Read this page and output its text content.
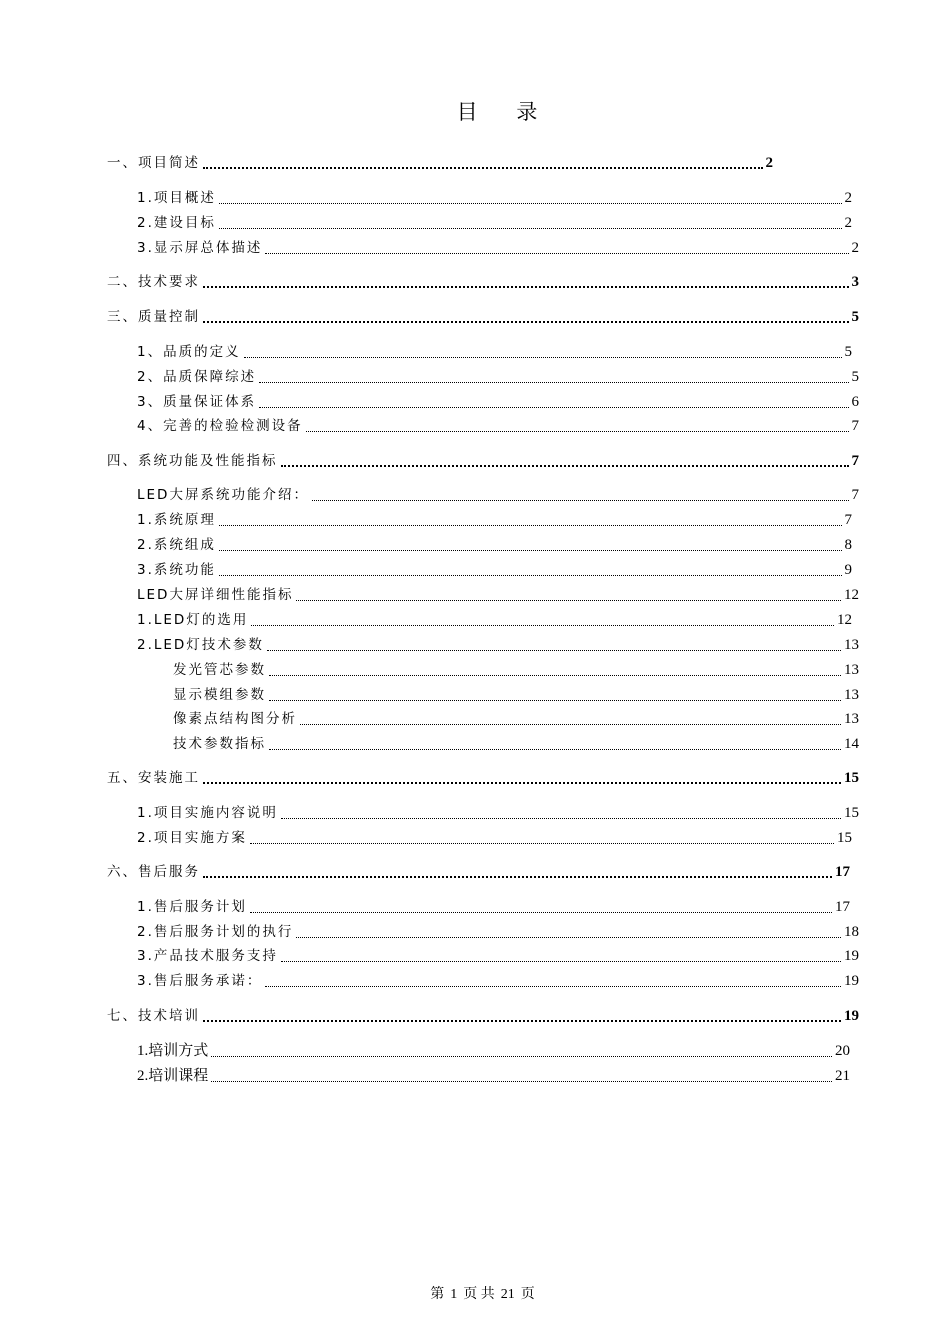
目 录
一、项目简述	2
1.项目概述	2
2.建设目标	2
3.显示屏总体描述	2
二、技术要求	3
三、质量控制	5
1、品质的定义	5
2、品质保障综述	5
3、质量保证体系	6
4、完善的检验检测设备	7
四、系统功能及性能指标	7
LED大屏系统功能介绍：	7
1.系统原理	7
2.系统组成	8
3.系统功能	9
LED大屏详细性能指标	12
1.LED灯的选用	12
2.LED灯技术参数	13
发光管芯参数	13
显示模组参数	13
像素点结构图分析	13
技术参数指标	14
五、安装施工	15
1.项目实施内容说明	15
2.项目实施方案	15
六、售后服务	17
1.售后服务计划	17
2.售后服务计划的执行	18
3.产品技术服务支持	19
3.售后服务承诺：	19
七、技术培训	19
1.培训方式	20
2.培训课程	21
第 1 页 共 21 页
